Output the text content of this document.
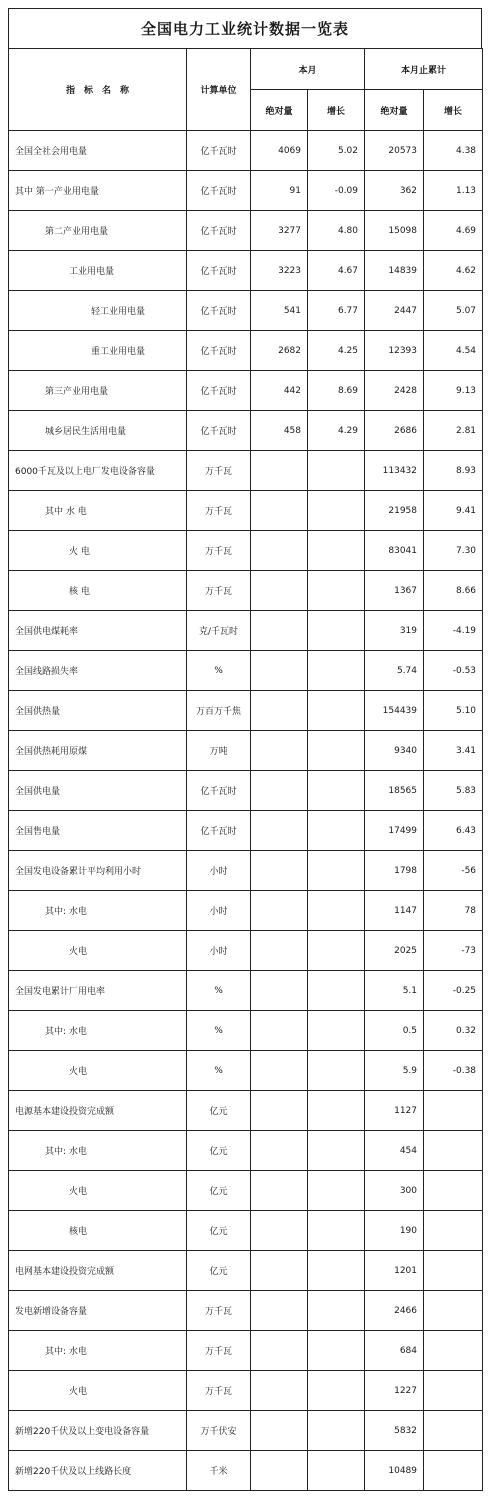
全国电力工业统计数据一览表
指　标　名　称	计算单位	本月		本月止累计	
		绝对量	增长	绝对量	增长
全国全社会用电量	亿千瓦时	4069	5.02	20573	4.38
其中 第一产业用电量	亿千瓦时	91	-0.09	362	1.13
第二产业用电量	亿千瓦时	3277	4.80	15098	4.69
工业用电量	亿千瓦时	3223	4.67	14839	4.62
轻工业用电量	亿千瓦时	541	6.77	2447	5.07
重工业用电量	亿千瓦时	2682	4.25	12393	4.54
第三产业用电量	亿千瓦时	442	8.69	2428	9.13
城乡居民生活用电量	亿千瓦时	458	4.29	2686	2.81
6000千瓦及以上电厂发电设备容量	万千瓦			113432	8.93
其中 水 电	万千瓦			21958	9.41
火 电	万千瓦			83041	7.30
核 电	万千瓦			1367	8.66
全国供电煤耗率	克/千瓦时			319	-4.19
全国线路损失率	%			5.74	-0.53
全国供热量	万百万千焦			154439	5.10
全国供热耗用原煤	万吨			9340	3.41
全国供电量	亿千瓦时			18565	5.83
全国售电量	亿千瓦时			17499	6.43
全国发电设备累计平均利用小时	小时			1798	-56
其中: 水电	小时			1147	78
火电	小时			2025	-73
全国发电累计厂用电率	%			5.1	-0.25
其中: 水电	%			0.5	0.32
火电	%			5.9	-0.38
电源基本建设投资完成额	亿元			1127	
其中: 水电	亿元			454	
火电	亿元			300	
核电	亿元			190	
电网基本建设投资完成额	亿元			1201	
发电新增设备容量	万千瓦			2466	
其中: 水电	万千瓦			684	
火电	万千瓦			1227	
新增220千伏及以上变电设备容量	万千伏安			5832	
新增220千伏及以上线路长度	千米			10489	
